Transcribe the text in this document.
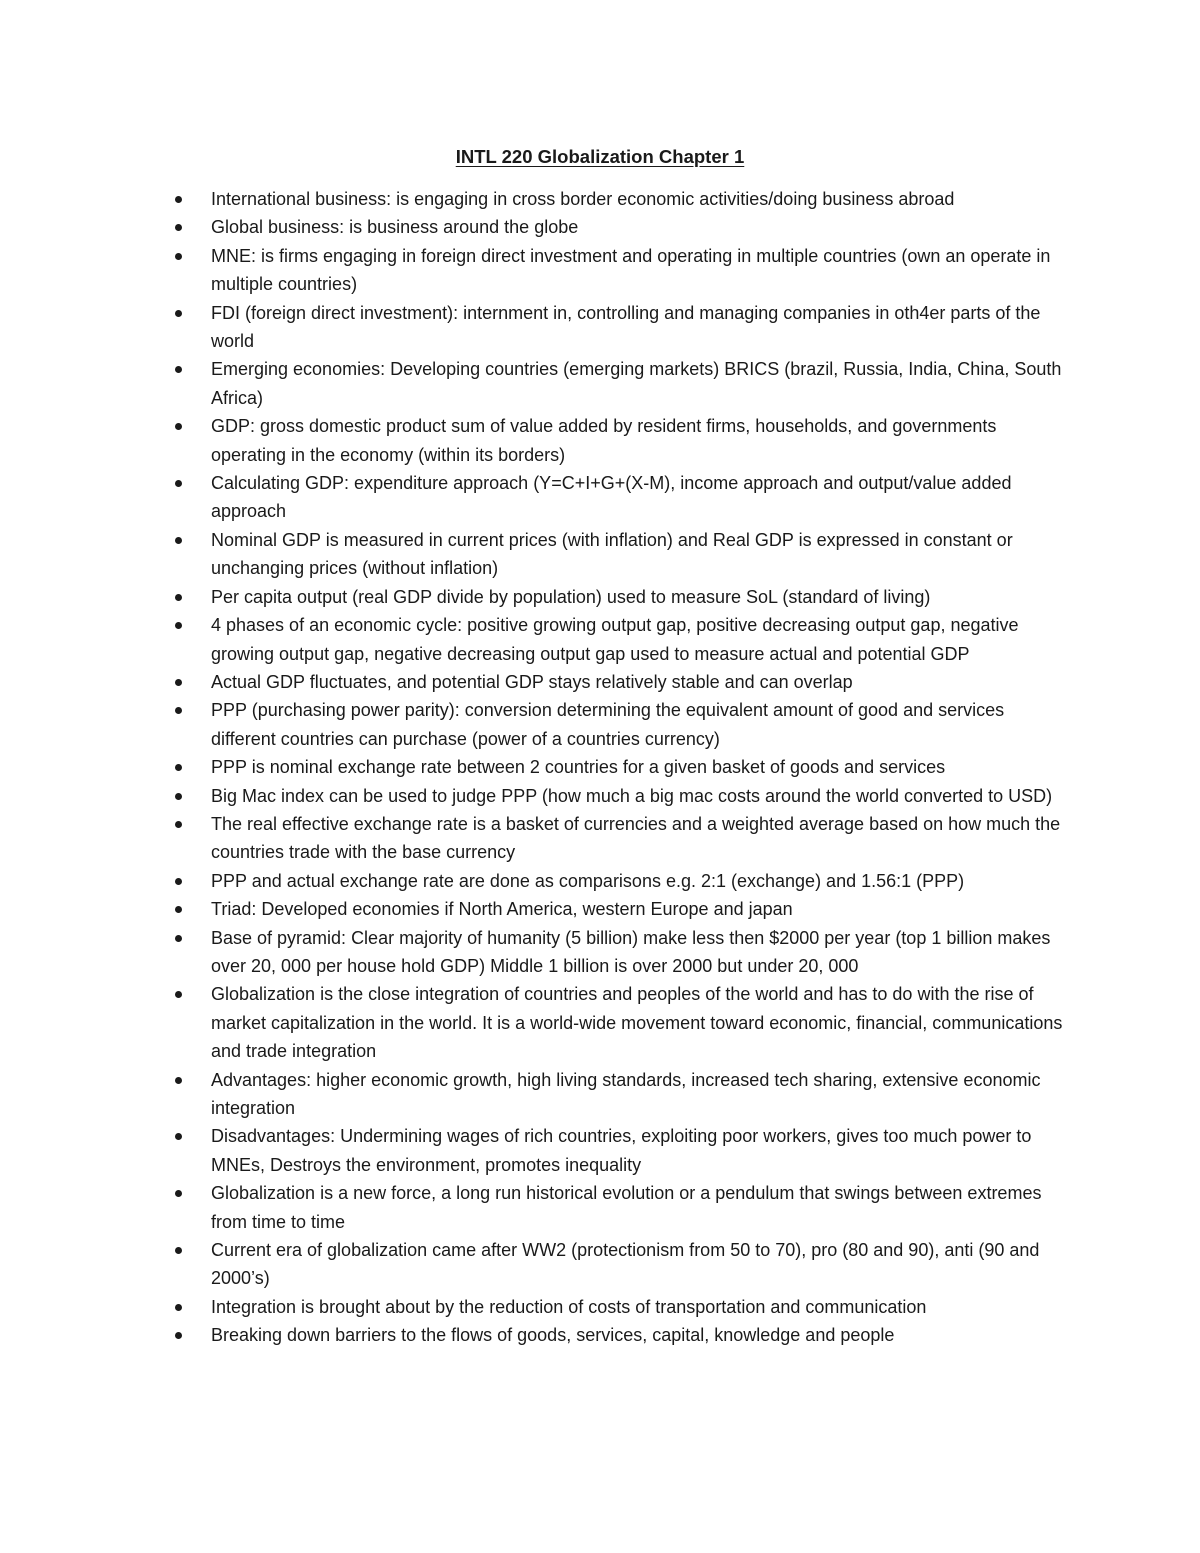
INTL 220 Globalization Chapter 1
International business: is engaging in cross border economic activities/doing business abroad
Global business: is business around the globe
MNE: is firms engaging in foreign direct investment and operating in multiple countries (own an operate in multiple countries)
FDI (foreign direct investment): internment in, controlling and managing companies in oth4er parts of the world
Emerging economies: Developing countries (emerging markets) BRICS (brazil, Russia, India, China, South Africa)
GDP: gross domestic product sum of value added by resident firms, households, and governments operating in the economy (within its borders)
Calculating GDP: expenditure approach (Y=C+I+G+(X-M), income approach and output/value added approach
Nominal GDP is measured in current prices (with inflation) and Real GDP is expressed in constant or unchanging prices (without inflation)
Per capita output (real GDP divide by population) used to measure SoL (standard of living)
4 phases of an economic cycle: positive growing output gap, positive decreasing output gap, negative growing output gap, negative decreasing output gap used to measure actual and potential GDP
Actual GDP fluctuates, and potential GDP stays relatively stable and can overlap
PPP (purchasing power parity): conversion determining the equivalent amount of good and services different countries can purchase (power of a countries currency)
PPP is nominal exchange rate between 2 countries for a given basket of goods and services
Big Mac index can be used to judge PPP (how much a big mac costs around the world converted to USD)
The real effective exchange rate is a basket of currencies and a weighted average based on how much the countries trade with the base currency
PPP and actual exchange rate are done as comparisons e.g. 2:1 (exchange) and 1.56:1 (PPP)
Triad: Developed economies if North America, western Europe and japan
Base of pyramid: Clear majority of humanity (5 billion) make less then $2000 per year (top 1 billion makes over 20, 000 per house hold GDP) Middle 1 billion is over 2000 but under 20, 000
Globalization is the close integration of countries and peoples of the world and has to do with the rise of market capitalization in the world. It is a world-wide movement toward economic, financial, communications and trade integration
Advantages: higher economic growth, high living standards, increased tech sharing, extensive economic integration
Disadvantages: Undermining wages of rich countries, exploiting poor workers, gives too much power to MNEs, Destroys the environment, promotes inequality
Globalization is a new force, a long run historical evolution or a pendulum that swings between extremes from time to time
Current era of globalization came after WW2 (protectionism from 50 to 70), pro (80 and 90), anti (90 and 2000’s)
Integration is brought about by the reduction of costs of transportation and communication
Breaking down barriers to the flows of goods, services, capital, knowledge and people
